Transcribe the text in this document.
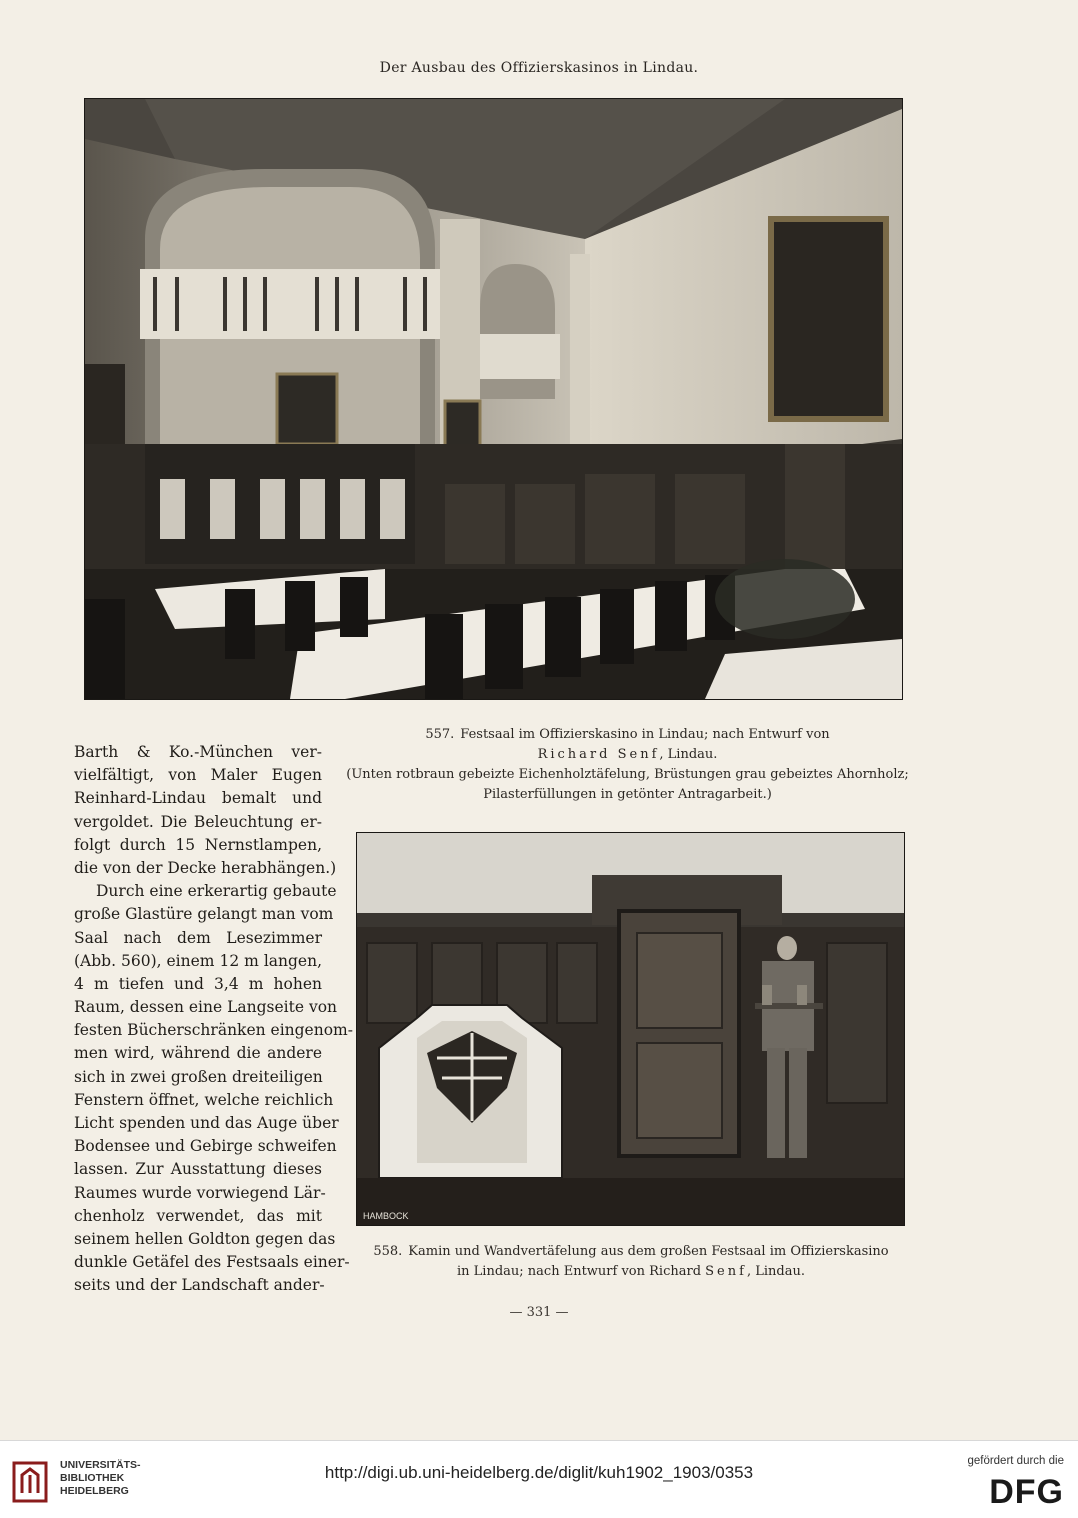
Der Ausbau des Offizierskasinos in Lindau.
557. Festsaal im Offizierskasino in Lindau; nach Entwurf von
Richard Senf, Lindau.
(Unten rotbraun gebeizte Eichenholztäfelung, Brüstungen grau gebeiztes Ahornholz;
Pilasterfüllungen in getönter Antragarbeit.)
HAMBOCK
558. Kamin und Wandvertäfelung aus dem großen Festsaal im Offizierskasino
in Lindau; nach Entwurf von Richard Senf, Lindau.
Barth & Ko.-München ver-
vielfältigt, von Maler Eugen
Reinhard-Lindau bemalt und
vergoldet. Die Beleuchtung er-
folgt durch 15 Nernstlampen,
die von der Decke herabhängen.)
Durch eine erkerartig gebaute
große Glastüre gelangt man vom
Saal nach dem Lesezimmer
(Abb. 560), einem 12 m langen,
4 m tiefen und 3,4 m hohen
Raum, dessen eine Langseite von
festen Bücherschränken eingenom-
men wird, während die andere
sich in zwei großen dreiteiligen
Fenstern öffnet, welche reichlich
Licht spenden und das Auge über
Bodensee und Gebirge schweifen
lassen. Zur Ausstattung dieses
Raumes wurde vorwiegend Lär-
chenholz verwendet, das mit
seinem hellen Goldton gegen das
dunkle Getäfel des Festsaals einer-
seits und der Landschaft ander-
— 331 —
UNIVERSITÄTS-
BIBLIOTHEK
HEIDELBERG
http://digi.ub.uni-heidelberg.de/diglit/kuh1902_1903/0353
gefördert durch die
DFG
